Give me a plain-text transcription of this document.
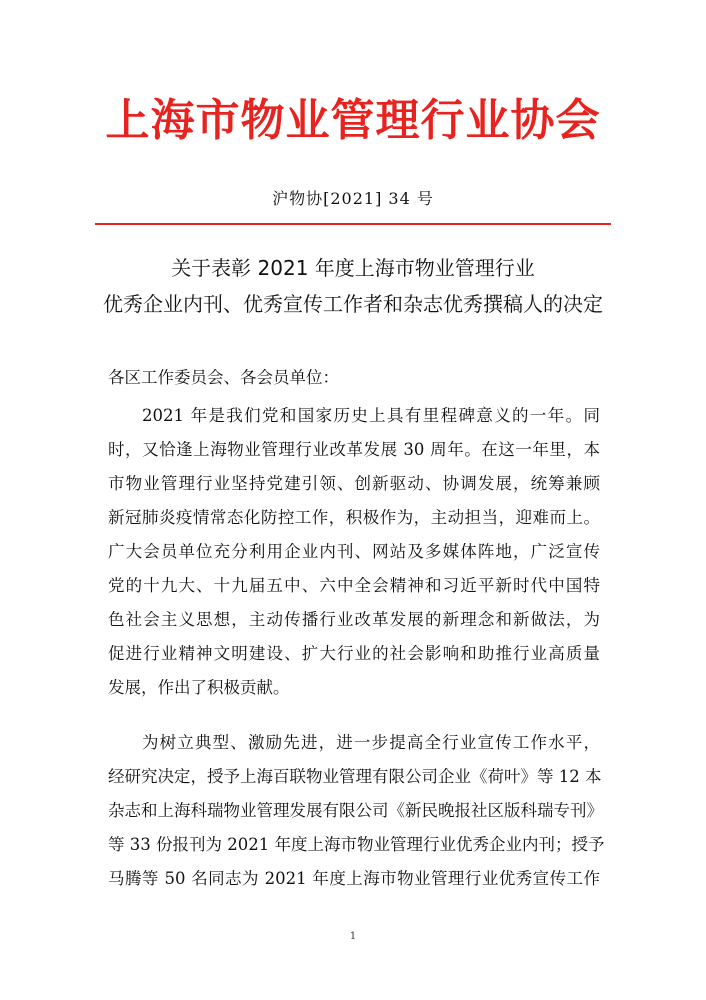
上海市物业管理行业协会
沪物协[2021] 34 号
关于表彰 2021 年度上海市物业管理行业
优秀企业内刊、优秀宣传工作者和杂志优秀撰稿人的决定
各区工作委员会、各会员单位：
2021 年是我们党和国家历史上具有里程碑意义的一年。同
时，又恰逢上海物业管理行业改革发展 30 周年。在这一年里，本
市物业管理行业坚持党建引领、创新驱动、协调发展，统筹兼顾
新冠肺炎疫情常态化防控工作，积极作为，主动担当，迎难而上。
广大会员单位充分利用企业内刊、网站及多媒体阵地，广泛宣传
党的十九大、十九届五中、六中全会精神和习近平新时代中国特
色社会主义思想，主动传播行业改革发展的新理念和新做法，为
促进行业精神文明建设、扩大行业的社会影响和助推行业高质量
发展，作出了积极贡献。
为树立典型、激励先进，进一步提高全行业宣传工作水平，
经研究决定，授予上海百联物业管理有限公司企业《荷叶》等 12 本
杂志和上海科瑞物业管理发展有限公司《新民晚报社区版科瑞专刊》
等 33 份报刊为 2021 年度上海市物业管理行业优秀企业内刊；授予
马腾等 50 名同志为 2021 年度上海市物业管理行业优秀宣传工作
1
